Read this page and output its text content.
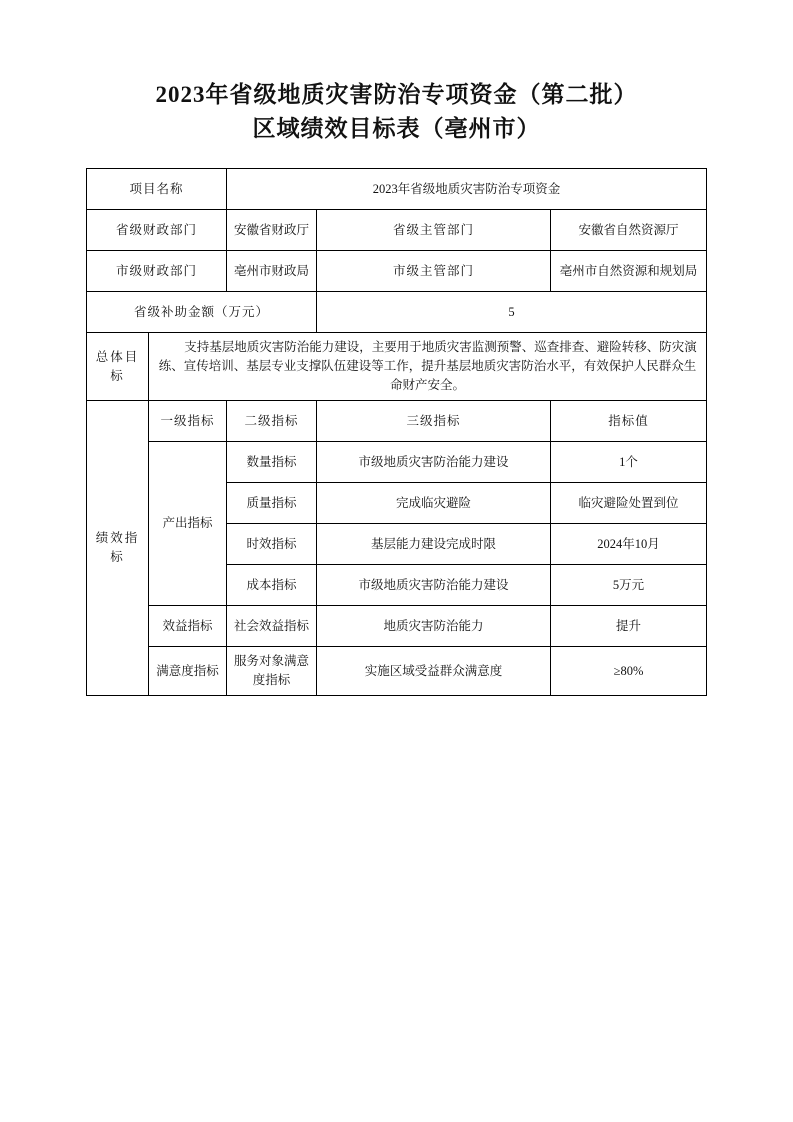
2023年省级地质灾害防治专项资金（第二批）
区域绩效目标表（亳州市）
项目名称		2023年省级地质灾害防治专项资金		
省级财政部门		安徽省财政厅	省级主管部门	安徽省自然资源厅
市级财政部门		亳州市财政局	市级主管部门	亳州市自然资源和规划局
省级补助金额（万元）			5	
总体目标	支持基层地质灾害防治能力建设，主要用于地质灾害监测预警、巡查排查、避险转移、防灾演练、宣传培训、基层专业支撑队伍建设等工作，提升基层地质灾害防治水平，有效保护人民群众生命财产安全。			
绩效指标	一级指标	二级指标	三级指标	指标值
	产出指标	数量指标	市级地质灾害防治能力建设	1个
		质量指标	完成临灾避险	临灾避险处置到位
		时效指标	基层能力建设完成时限	2024年10月
		成本指标	市级地质灾害防治能力建设	5万元
	效益指标	社会效益指标	地质灾害防治能力	提升
	满意度指标	服务对象满意度指标	实施区域受益群众满意度	≥80%
